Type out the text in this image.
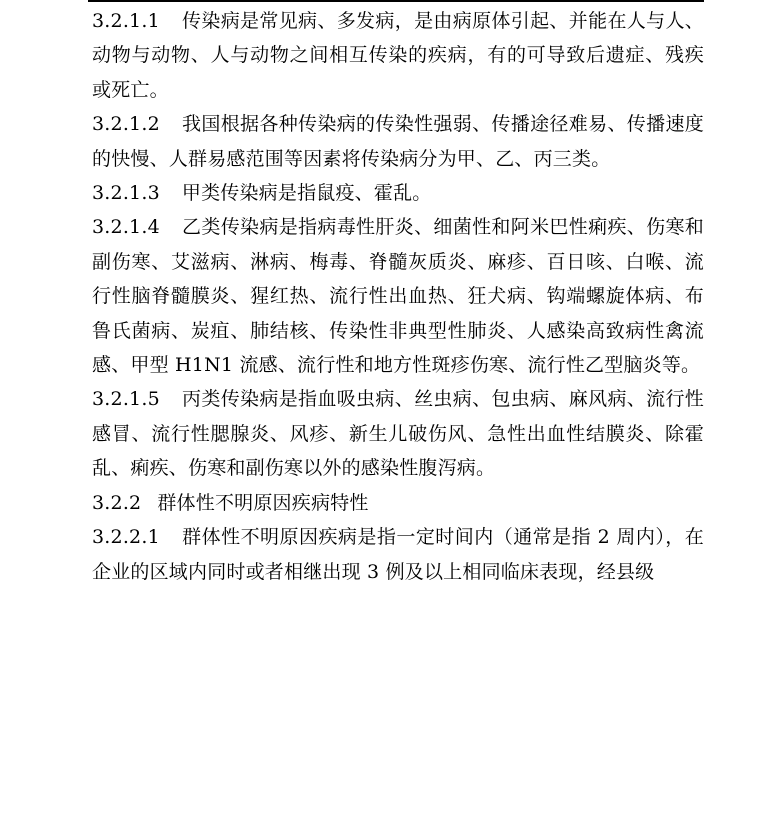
3.2.1.1 传染病是常见病、多发病，是由病原体引起、并能在人与人、动物与动物、人与动物之间相互传染的疾病，有的可导致后遗症、残疾或死亡。

3.2.1.2 我国根据各种传染病的传染性强弱、传播途径难易、传播速度的快慢、人群易感范围等因素将传染病分为甲、乙、丙三类。

3.2.1.3 甲类传染病是指鼠疫、霍乱。

3.2.1.4 乙类传染病是指病毒性肝炎、细菌性和阿米巴性痢疾、伤寒和副伤寒、艾滋病、淋病、梅毒、脊髓灰质炎、麻疹、百日咳、白喉、流行性脑脊髓膜炎、猩红热、流行性出血热、狂犬病、钩端螺旋体病、布鲁氏菌病、炭疽、肺结核、传染性非典型性肺炎、人感染高致病性禽流感、甲型 H1N1 流感、流行性和地方性斑疹伤寒、流行性乙型脑炎等。

3.2.1.5 丙类传染病是指血吸虫病、丝虫病、包虫病、麻风病、流行性感冒、流行性腮腺炎、风疹、新生儿破伤风、急性出血性结膜炎、除霍乱、痢疾、伤寒和副伤寒以外的感染性腹泻病。

3.2.2 群体性不明原因疾病特性

3.2.2.1 群体性不明原因疾病是指一定时间内（通常是指 2 周内），在企业的区域内同时或者相继出现 3 例及以上相同临床表现，经县级
